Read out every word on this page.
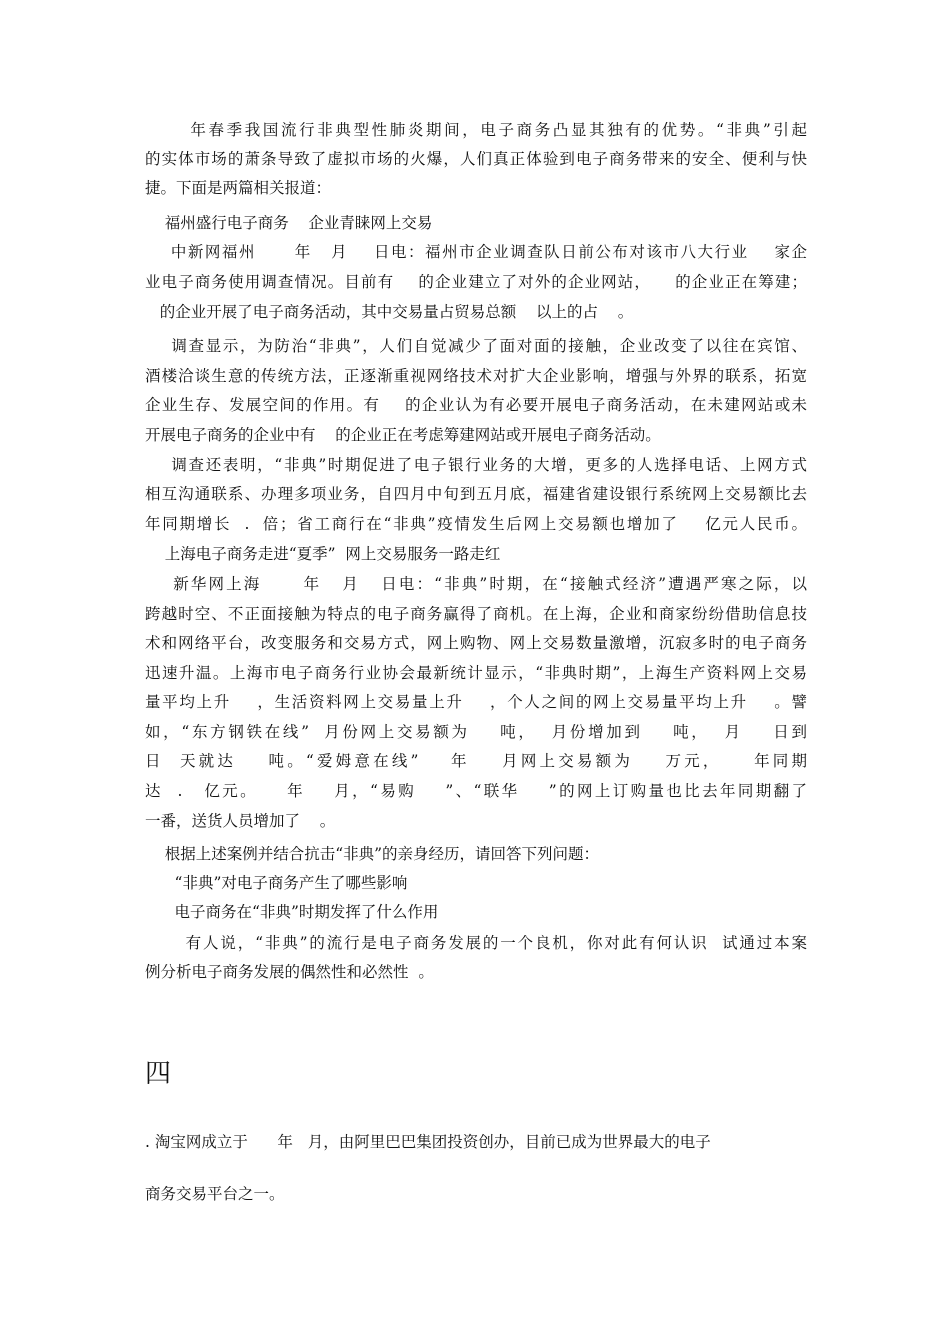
年春季我国流行非典型性肺炎期间，电子商务凸显其独有的优势。“非典”引起
的实体市场的萧条导致了虚拟市场的火爆，人们真正体验到电子商务带来的安全、便利与快
捷。下面是两篇相关报道：
福州盛行电子商务    企业青睐网上交易
中新网福州      年   月    日电：福州市企业调查队日前公布对该市八大行业    家企
业电子商务使用调查情况。目前有    的企业建立了对外的企业网站，    的企业正在筹建；
的企业开展了电子商务活动，其中交易量占贸易总额    以上的占    。
调查显示，为防治“非典”，人们自觉减少了面对面的接触，企业改变了以往在宾馆、
酒楼洽谈生意的传统方法，正逐渐重视网络技术对扩大企业影响，增强与外界的联系，拓宽
企业生存、发展空间的作用。有    的企业认为有必要开展电子商务活动，在未建网站或未
开展电子商务的企业中有    的企业正在考虑筹建网站或开展电子商务活动。
调查还表明，“非典”时期促进了电子银行业务的大增，更多的人选择电话、上网方式
相互沟通联系、办理多项业务，自四月中旬到五月底，福建省建设银行系统网上交易额比去
年同期增长  .  倍；省工商行在“非典”疫情发生后网上交易额也增加了    亿元人民币。
上海电子商务走进“夏季”  网上交易服务一路走红
新华网上海      年   月   日电：“非典”时期，在“接触式经济”遭遇严寒之际，以
跨越时空、不正面接触为特点的电子商务赢得了商机。在上海，企业和商家纷纷借助信息技
术和网络平台，改变服务和交易方式，网上购物、网上交易数量激增，沉寂多时的电子商务
迅速升温。上海市电子商务行业协会最新统计显示，“非典时期”，上海生产资料网上交易
量平均上升    ，生活资料网上交易量上升    ，个人之间的网上交易量平均上升    。譬
如，“东方钢铁在线”  月份网上交易额为    吨，  月份增加到    吨，  月    日到
日  天就达    吨。“爱姆意在线”    年    月网上交易额为    万元，    年同期
达  .   亿元。    年    月，“易购    ”、“联华    ”的网上订购量也比去年同期翻了
一番，送货人员增加了    。
根据上述案例并结合抗击“非典”的亲身经历，请回答下列问题：
“非典”对电子商务产生了哪些影响
电子商务在“非典”时期发挥了什么作用
有人说，“非典”的流行是电子商务发展的一个良机，你对此有何认识  试通过本案
例分析电子商务发展的偶然性和必然性  。
四
. 淘宝网成立于      年   月，由阿里巴巴集团投资创办，目前已成为世界最大的电子
商务交易平台之一。
